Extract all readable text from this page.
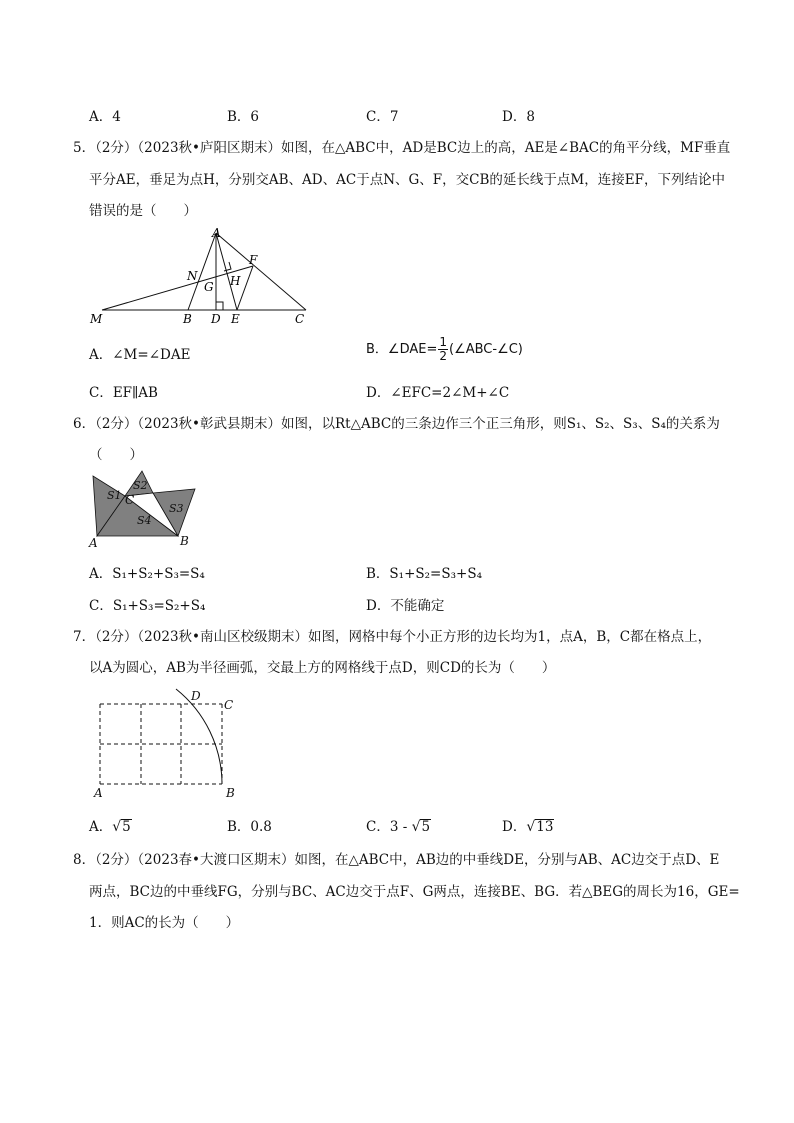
A．4	B．6	C．7	D．8
5．（2分）（2023秋•庐阳区期末）如图，在△ABC中，AD是BC边上的高，AE是∠BAC的角平分线，MF垂直
平分AE，垂足为点H，分别交AB、AD、AC于点N、G、F，交CB的延长线于点M，连接EF，下列结论中
错误的是（　　）
A
B	C
D E
F
G H
M
N
A．∠M=∠DAE	B．∠DAE= $\frac{1}{2}$ (∠ABC-∠C)
C．EF∥AB	D．∠EFC=2∠M+∠C
6．（2分）（2023秋•彰武县期末）如图，以Rt△ABC的三条边作三个正三角形，则S₁、S₂、S₃、S₄的关系为
（　　）
S1
S2
S3
S4
C
A	B
A．S₁+S₂+S₃=S₄	B．S₁+S₂=S₃+S₄
C．S₁+S₃=S₂+S₄	D．不能确定
7．（2分）（2023秋•南山区校级期末）如图，网格中每个小正方形的边长均为1，点A，B，C都在格点上，
以A为圆心，AB为半径画弧，交最上方的网格线于点D，则CD的长为（　　）
D
C
A	B
A．√5	B．0.8	C．3 - √5	D．√13
8．（2分）（2023春•大渡口区期末）如图，在△ABC中，AB边的中垂线DE，分别与AB、AC边交于点D、E
两点，BC边的中垂线FG，分别与BC、AC边交于点F、G两点，连接BE、BG．若△BEG的周长为16，GE=
1．则AC的长为（　　）
